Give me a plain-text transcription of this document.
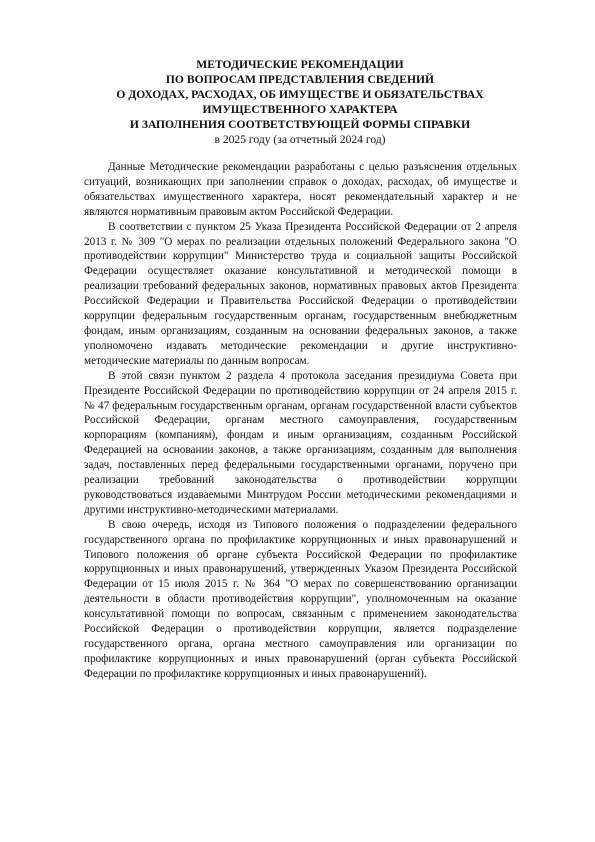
МЕТОДИЧЕСКИЕ РЕКОМЕНДАЦИИ
ПО ВОПРОСАМ ПРЕДСТАВЛЕНИЯ СВЕДЕНИЙ
О ДОХОДАХ, РАСХОДАХ, ОБ ИМУЩЕСТВЕ И ОБЯЗАТЕЛЬСТВАХ
ИМУЩЕСТВЕННОГО ХАРАКТЕРА
И ЗАПОЛНЕНИЯ СООТВЕТСТВУЮЩЕЙ ФОРМЫ СПРАВКИ
в 2025 году (за отчетный 2024 год)

Данные Методические рекомендации разработаны с целью разъяснения отдельных ситуаций, возникающих при заполнении справок о доходах, расходах, об имуществе и обязательствах имущественного характера, носят рекомендательный характер и не являются нормативным правовым актом Российской Федерации.

В соответствии с пунктом 25 Указа Президента Российской Федерации от 2 апреля 2013 г. № 309 "О мерах по реализации отдельных положений Федерального закона "О противодействии коррупции" Министерство труда и социальной защиты Российской Федерации осуществляет оказание консультативной и методической помощи в реализации требований федеральных законов, нормативных правовых актов Президента Российской Федерации и Правительства Российской Федерации о противодействии коррупции федеральным государственным органам, государственным внебюджетным фондам, иным организациям, созданным на основании федеральных законов, а также уполномочено издавать методические рекомендации и другие инструктивно-методические материалы по данным вопросам.

В этой связи пунктом 2 раздела 4 протокола заседания президиума Совета при Президенте Российской Федерации по противодействию коррупции от 24 апреля 2015 г. № 47 федеральным государственным органам, органам государственной власти субъектов Российской Федерации, органам местного самоуправления, государственным корпорациям (компаниям), фондам и иным организациям, созданным Российской Федерацией на основании законов, а также организациям, созданным для выполнения задач, поставленных перед федеральными государственными органами, поручено при реализации требований законодательства о противодействии коррупции руководствоваться издаваемыми Минтрудом России методическими рекомендациями и другими инструктивно-методическими материалами.

В свою очередь, исходя из Типового положения о подразделении федерального государственного органа по профилактике коррупционных и иных правонарушений и Типового положения об органе субъекта Российской Федерации по профилактике коррупционных и иных правонарушений, утвержденных Указом Президента Российской Федерации от 15 июля 2015 г. № 364 "О мерах по совершенствованию организации деятельности в области противодействия коррупции", уполномоченным на оказание консультативной помощи по вопросам, связанным с применением законодательства Российской Федерации о противодействии коррупции, является подразделение государственного органа, органа местного самоуправления или организации по профилактике коррупционных и иных правонарушений (орган субъекта Российской Федерации по профилактике коррупционных и иных правонарушений).
